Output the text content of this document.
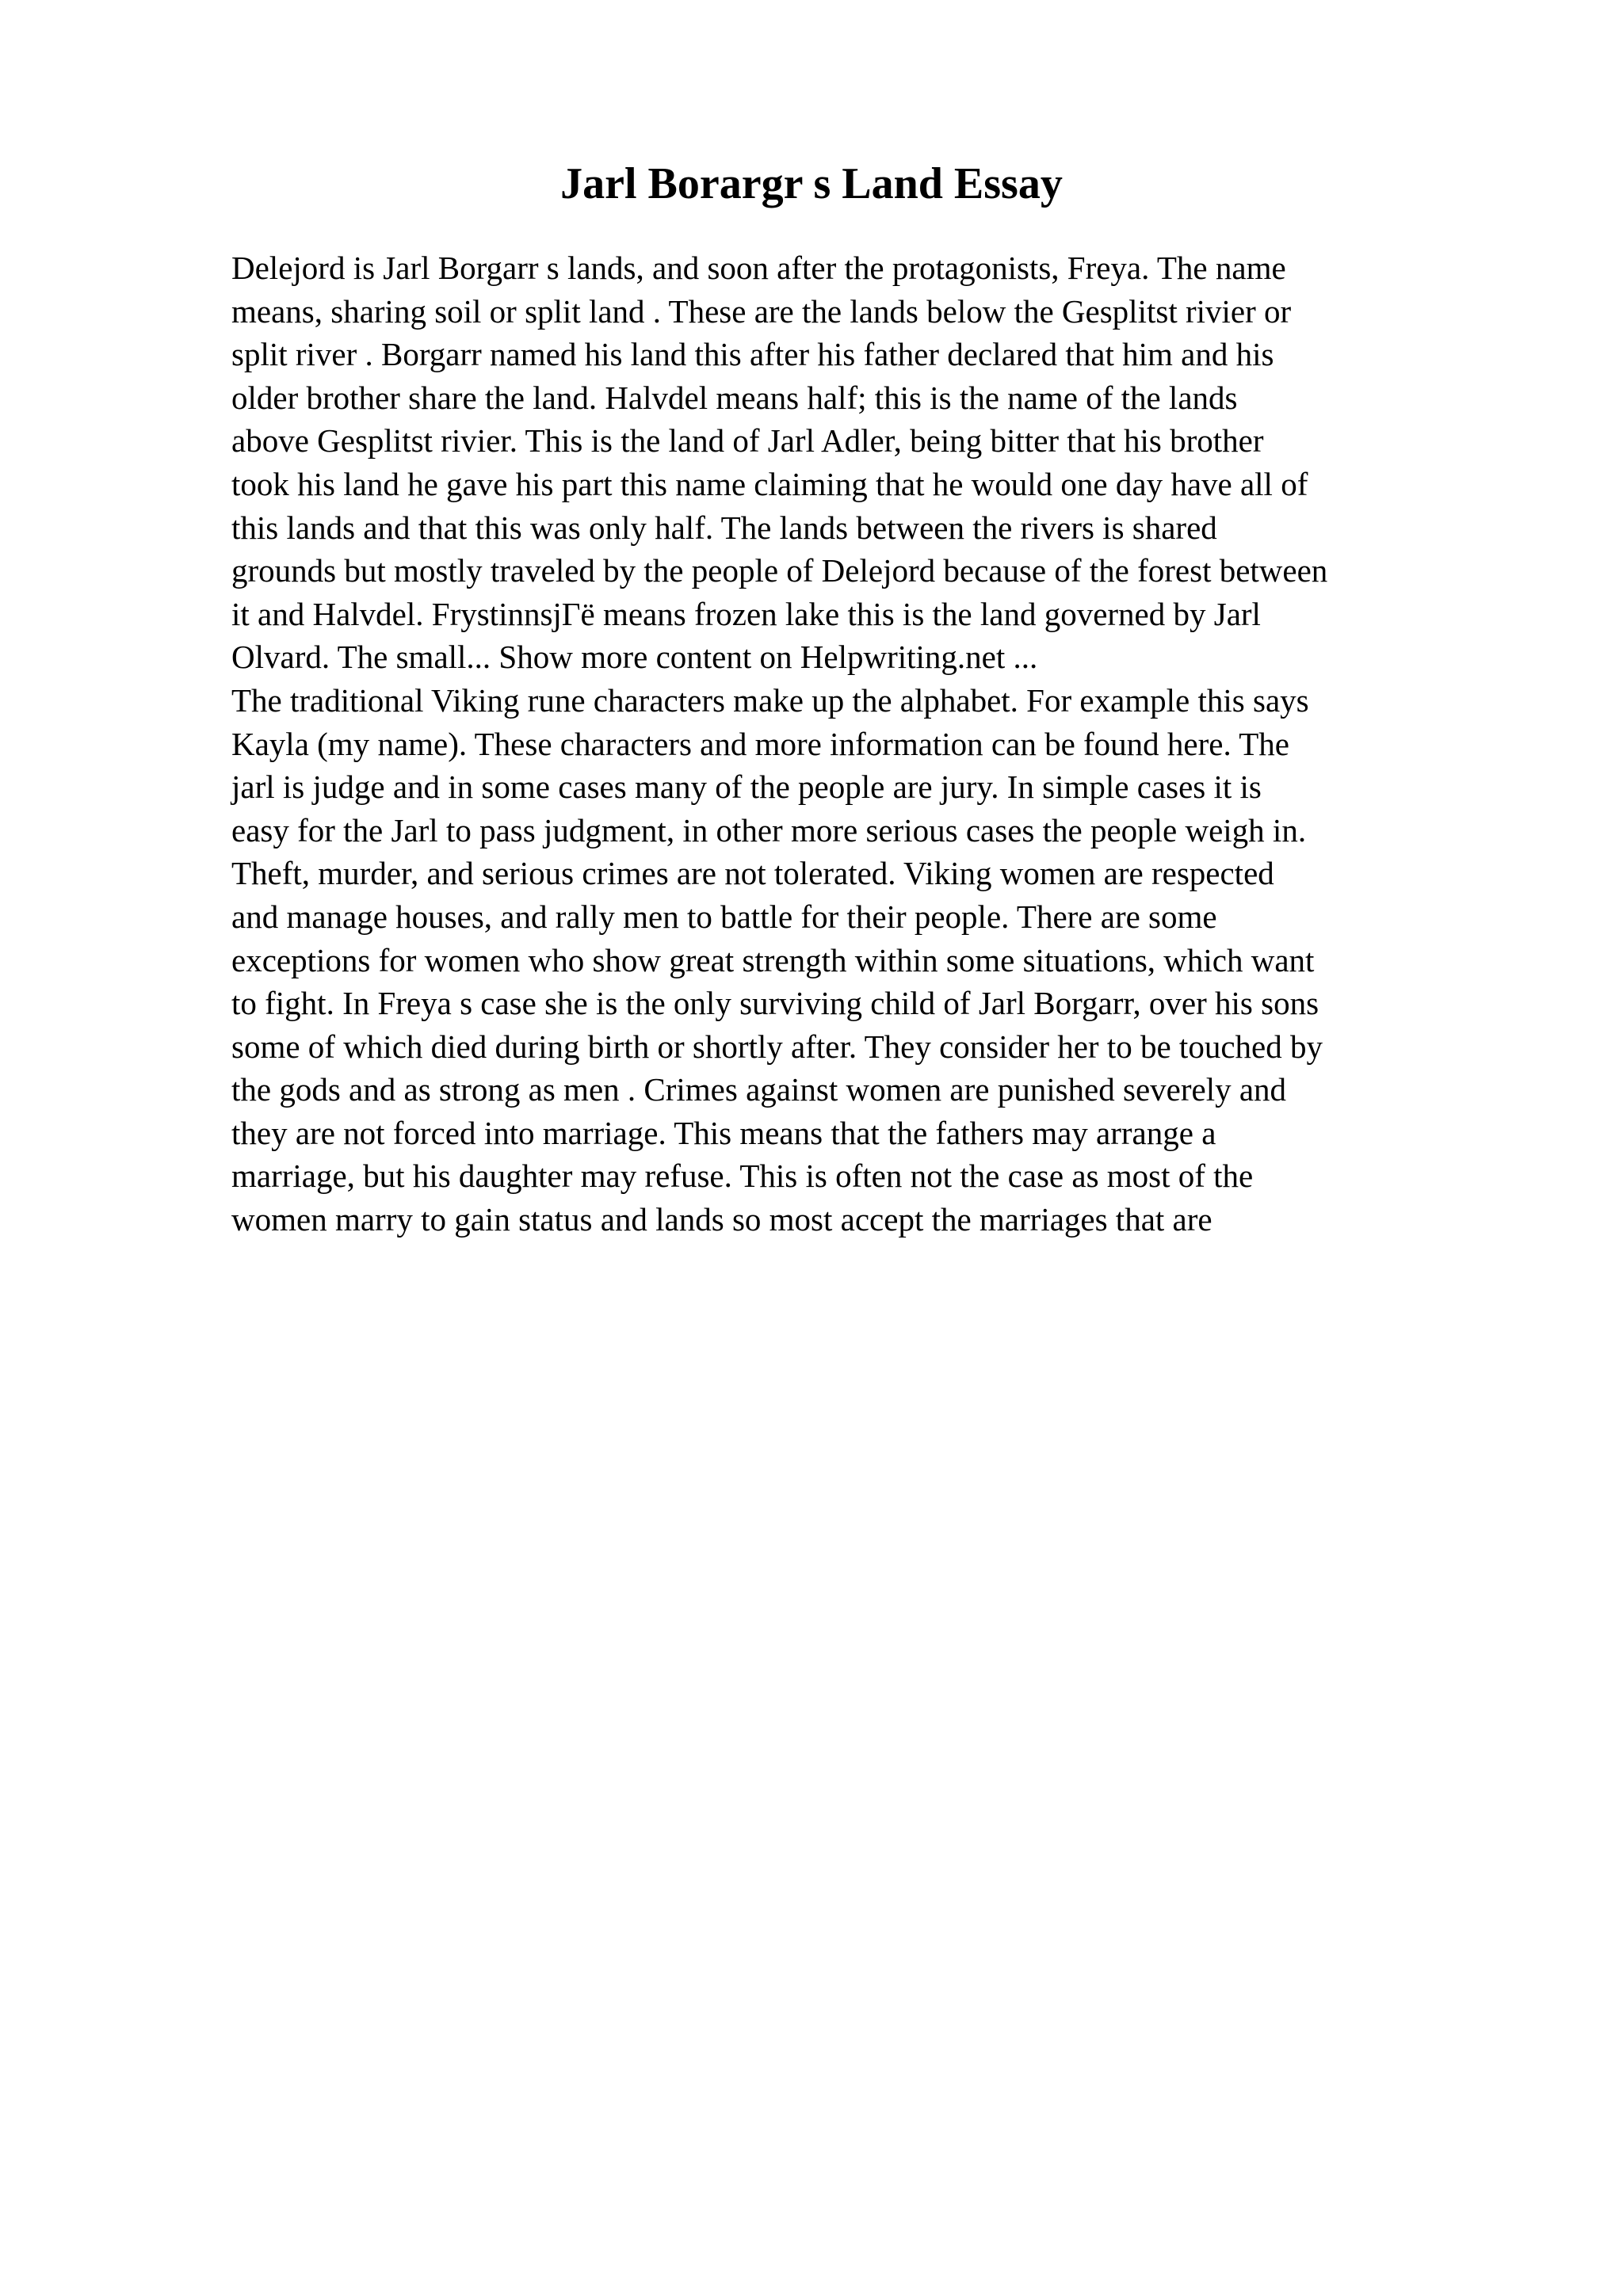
Jarl Borargr s Land Essay
Delejord is Jarl Borgarr s lands, and soon after the protagonists, Freya. The name
means, sharing soil or split land . These are the lands below the Gesplitst rivier or
split river . Borgarr named his land this after his father declared that him and his
older brother share the land. Halvdel means half; this is the name of the lands
above Gesplitst rivier. This is the land of Jarl Adler, being bitter that his brother
took his land he gave his part this name claiming that he would one day have all of
this lands and that this was only half. The lands between the rivers is shared
grounds but mostly traveled by the people of Delejord because of the forest between
it and Halvdel. FrystinnsjГё means frozen lake this is the land governed by Jarl
Olvard. The small... Show more content on Helpwriting.net ...
The traditional Viking rune characters make up the alphabet. For example this says
Kayla (my name). These characters and more information can be found here. The
jarl is judge and in some cases many of the people are jury. In simple cases it is
easy for the Jarl to pass judgment, in other more serious cases the people weigh in.
Theft, murder, and serious crimes are not tolerated. Viking women are respected
and manage houses, and rally men to battle for their people. There are some
exceptions for women who show great strength within some situations, which want
to fight. In Freya s case she is the only surviving child of Jarl Borgarr, over his sons
some of which died during birth or shortly after. They consider her to be touched by
the gods and as strong as men . Crimes against women are punished severely and
they are not forced into marriage. This means that the fathers may arrange a
marriage, but his daughter may refuse. This is often not the case as most of the
women marry to gain status and lands so most accept the marriages that are
